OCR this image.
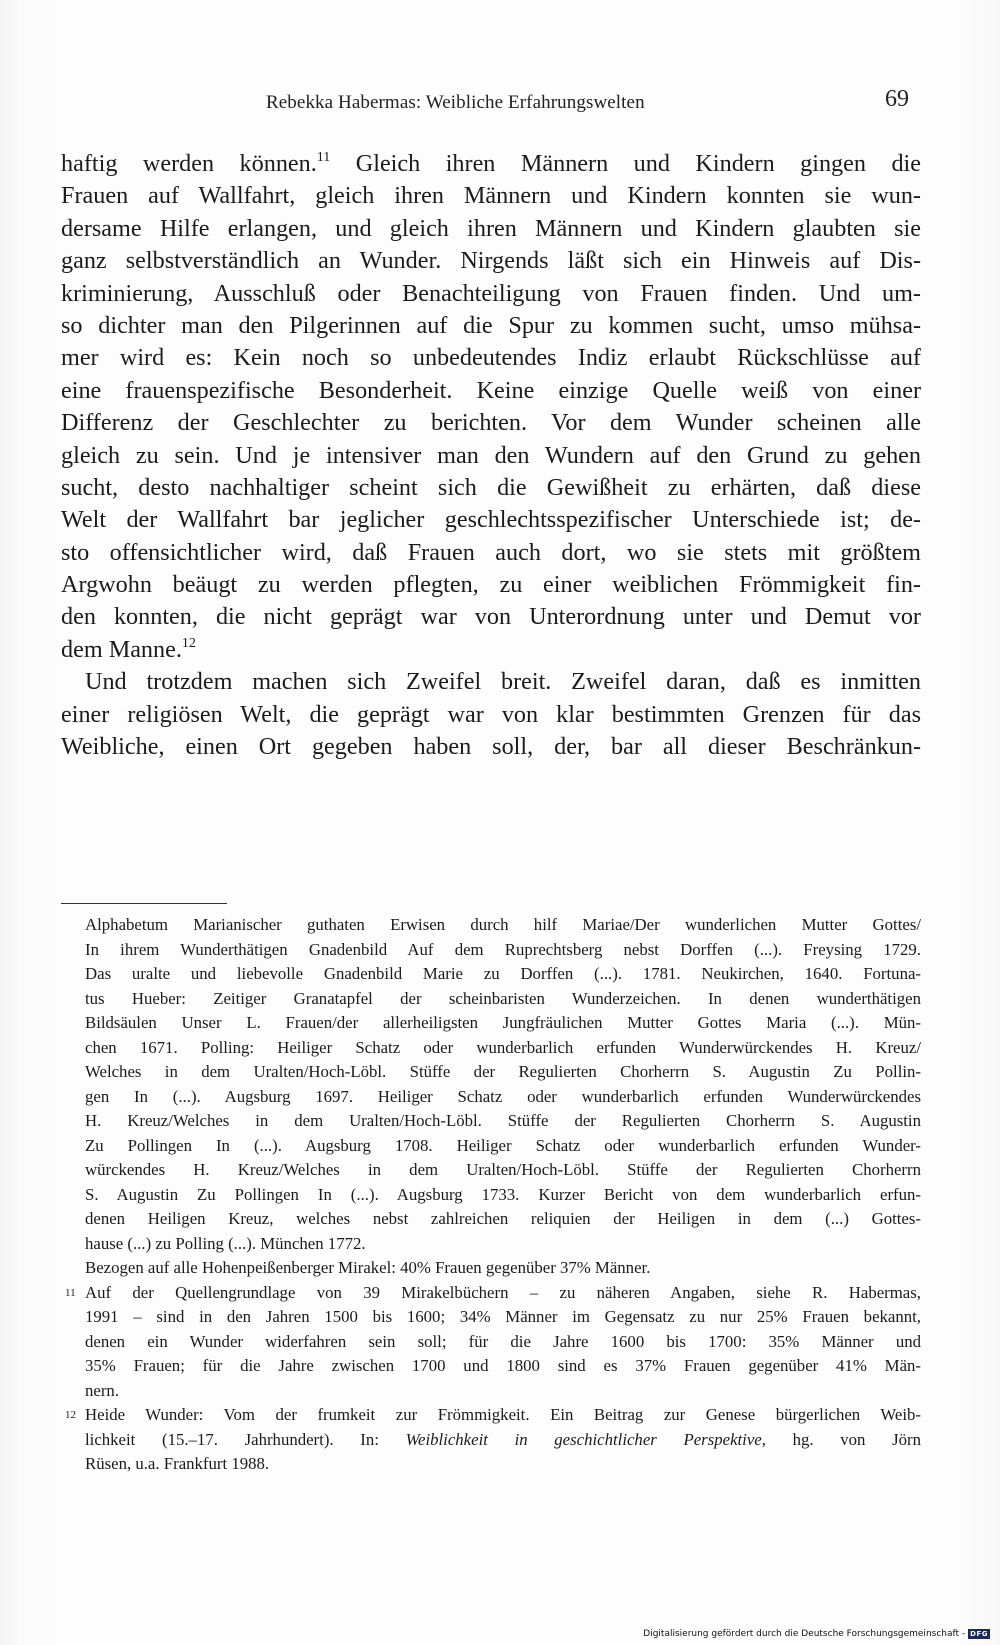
Rebekka Habermas: Weibliche Erfahrungswelten	69
haftig werden können.$^{11}$ Gleich ihren Männern und Kindern gingen die
Frauen auf Wallfahrt, gleich ihren Männern und Kindern konnten sie wun-
dersame Hilfe erlangen, und gleich ihren Männern und Kindern glaubten sie
ganz selbstverständlich an Wunder. Nirgends läßt sich ein Hinweis auf Dis-
kriminierung, Ausschluß oder Benachteiligung von Frauen finden. Und um-
so dichter man den Pilgerinnen auf die Spur zu kommen sucht, umso mühsa-
mer wird es: Kein noch so unbedeutendes Indiz erlaubt Rückschlüsse auf
eine frauenspezifische Besonderheit. Keine einzige Quelle weiß von einer
Differenz der Geschlechter zu berichten. Vor dem Wunder scheinen alle
gleich zu sein. Und je intensiver man den Wundern auf den Grund zu gehen
sucht, desto nachhaltiger scheint sich die Gewißheit zu erhärten, daß diese
Welt der Wallfahrt bar jeglicher geschlechtsspezifischer Unterschiede ist; de-
sto offensichtlicher wird, daß Frauen auch dort, wo sie stets mit größtem
Argwohn beäugt zu werden pflegten, zu einer weiblichen Frömmigkeit fin-
den konnten, die nicht geprägt war von Unterordnung unter und Demut vor
dem Manne.$^{12}$
Und trotzdem machen sich Zweifel breit. Zweifel daran, daß es inmitten
einer religiösen Welt, die geprägt war von klar bestimmten Grenzen für das
Weibliche, einen Ort gegeben haben soll, der, bar all dieser Beschränkun-
Alphabetum Marianischer guthaten Erwisen durch hilf Mariae/Der wunderlichen Mutter Gottes/
In ihrem Wunderthätigen Gnadenbild Auf dem Ruprechtsberg nebst Dorffen (...). Freysing 1729.
Das uralte und liebevolle Gnadenbild Marie zu Dorffen (...). 1781. Neukirchen, 1640. Fortuna-
tus Hueber: Zeitiger Granatapfel der scheinbaristen Wunderzeichen. In denen wunderthätigen
Bildsäulen Unser L. Frauen/der allerheiligsten Jungfräulichen Mutter Gottes Maria (...). Mün-
chen 1671. Polling: Heiliger Schatz oder wunderbarlich erfunden Wunderwürckendes H. Kreuz/
Welches in dem Uralten/Hoch-Löbl. Stüffe der Regulierten Chorherrn S. Augustin Zu Pollin-
gen In (...). Augsburg 1697. Heiliger Schatz oder wunderbarlich erfunden Wunderwürckendes
H. Kreuz/Welches in dem Uralten/Hoch-Löbl. Stüffe der Regulierten Chorherrn S. Augustin
Zu Pollingen In (...). Augsburg 1708. Heiliger Schatz oder wunderbarlich erfunden Wunder-
würckendes H. Kreuz/Welches in dem Uralten/Hoch-Löbl. Stüffe der Regulierten Chorherrn
S. Augustin Zu Pollingen In (...). Augsburg 1733. Kurzer Bericht von dem wunderbarlich erfun-
denen Heiligen Kreuz, welches nebst zahlreichen reliquien der Heiligen in dem (...) Gottes-
hause (...) zu Polling (...). München 1772.
Bezogen auf alle Hohenpeißenberger Mirakel: 40% Frauen gegenüber 37% Männer.
11 Auf der Quellengrundlage von 39 Mirakelbüchern – zu näheren Angaben, siehe R. Habermas,
1991 – sind in den Jahren 1500 bis 1600; 34% Männer im Gegensatz zu nur 25% Frauen bekannt,
denen ein Wunder widerfahren sein soll; für die Jahre 1600 bis 1700: 35% Männer und
35% Frauen; für die Jahre zwischen 1700 und 1800 sind es 37% Frauen gegenüber 41% Män-
nern.
12 Heide Wunder: Vom der frumkeit zur Frömmigkeit. Ein Beitrag zur Genese bürgerlichen Weib-
lichkeit (15.–17. Jahrhundert). In: Weiblichkeit in geschichtlicher Perspektive, hg. von Jörn
Rüsen, u.a. Frankfurt 1988.
Digitalisierung gefördert durch die Deutsche Forschungsgemeinschaft - DFG
